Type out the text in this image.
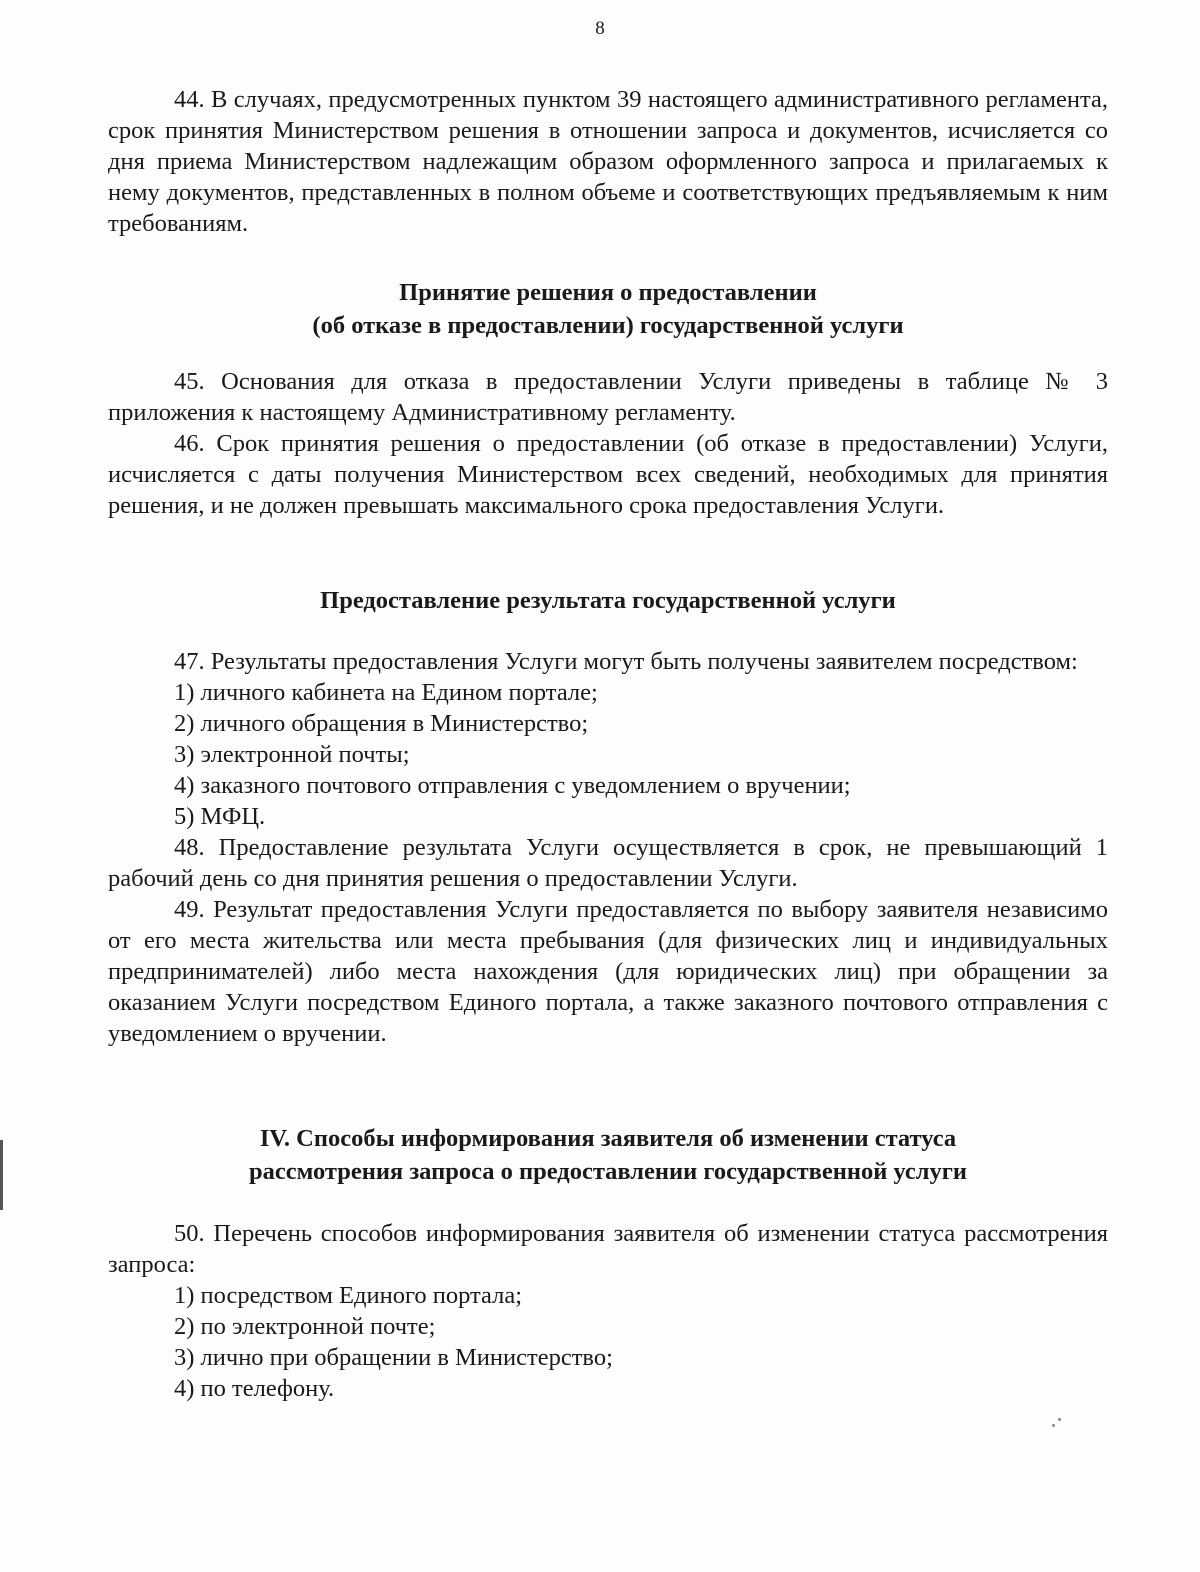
8

44. В случаях, предусмотренных пунктом 39 настоящего административного регламента, срок принятия Министерством решения в отношении запроса и документов, исчисляется со дня приема Министерством надлежащим образом оформленного запроса и прилагаемых к нему документов, представленных в полном объеме и соответствующих предъявляемым к ним требованиям.

Принятие решения о предоставлении
(об отказе в предоставлении) государственной услуги

45. Основания для отказа в предоставлении Услуги приведены в таблице № 3 приложения к настоящему Административному регламенту.

46. Срок принятия решения о предоставлении (об отказе в предоставлении) Услуги, исчисляется с даты получения Министерством всех сведений, необходимых для принятия решения, и не должен превышать максимального срока предоставления Услуги.

Предоставление результата государственной услуги

47. Результаты предоставления Услуги могут быть получены заявителем посредством:

1) личного кабинета на Едином портале;

2) личного обращения в Министерство;

3) электронной почты;

4) заказного почтового отправления с уведомлением о вручении;

5) МФЦ.

48. Предоставление результата Услуги осуществляется в срок, не превышающий 1 рабочий день со дня принятия решения о предоставлении Услуги.

49. Результат предоставления Услуги предоставляется по выбору заявителя независимо от его места жительства или места пребывания (для физических лиц и индивидуальных предпринимателей) либо места нахождения (для юридических лиц) при обращении за оказанием Услуги посредством Единого портала, а также заказного почтового отправления с уведомлением о вручении.

IV. Способы информирования заявителя об изменении статуса
рассмотрения запроса о предоставлении государственной услуги

50. Перечень способов информирования заявителя об изменении статуса рассмотрения запроса:

1) посредством Единого портала;

2) по электронной почте;

3) лично при обращении в Министерство;

4) по телефону.
